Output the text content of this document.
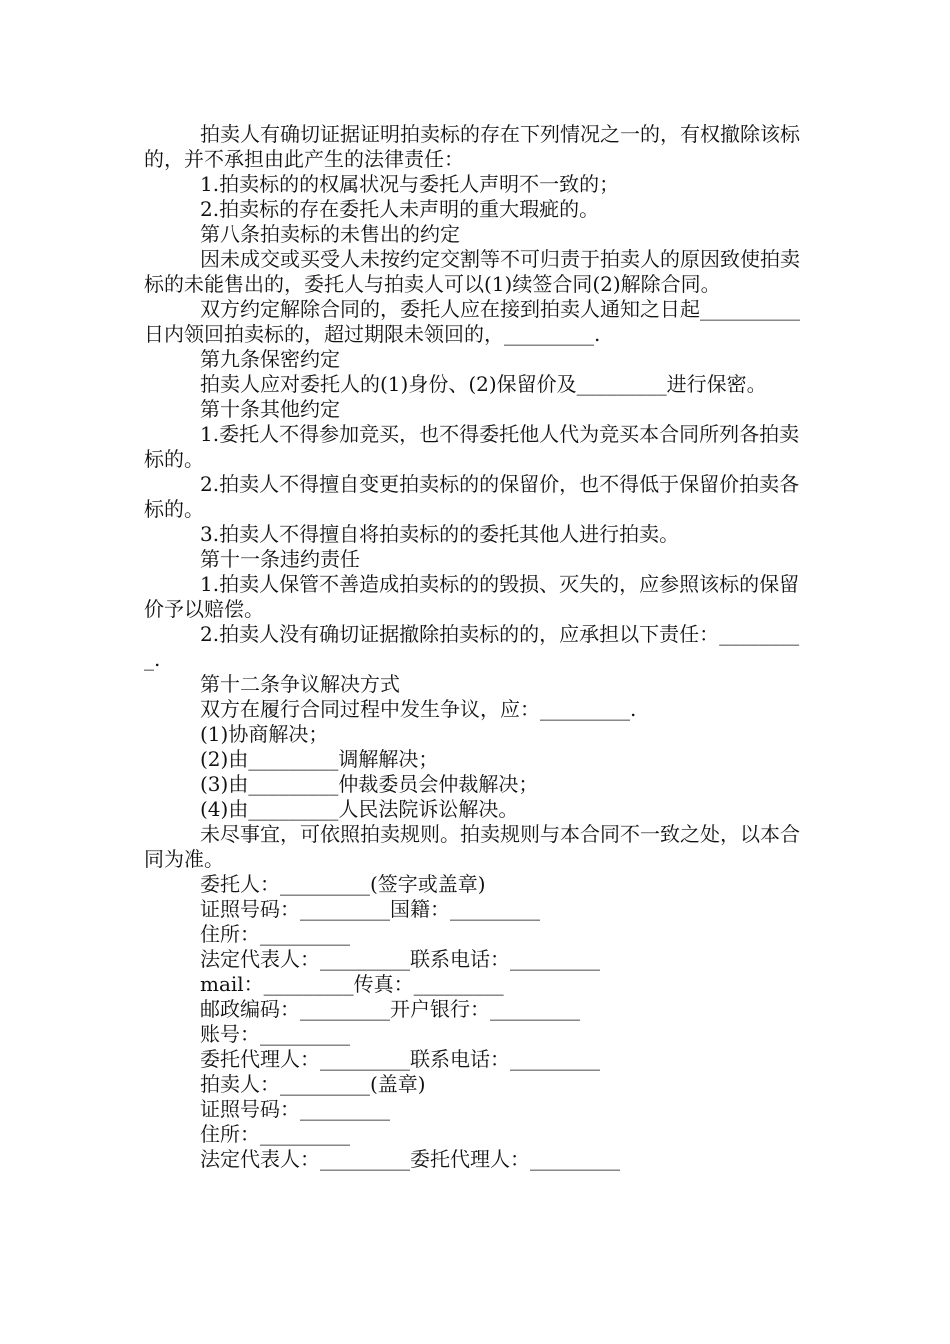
拍卖人有确切证据证明拍卖标的存在下列情况之一的，有权撤除该标的，并不承担由此产生的法律责任：

1.拍卖标的的权属状况与委托人声明不一致的；

2.拍卖标的存在委托人未声明的重大瑕疵的。

第八条拍卖标的未售出的约定

因未成交或买受人未按约定交割等不可归责于拍卖人的原因致使拍卖标的未能售出的，委托人与拍卖人可以(1)续签合同(2)解除合同。

双方约定解除合同的，委托人应在接到拍卖人通知之日起__________日内领回拍卖标的，超过期限未领回的，_________.

第九条保密约定

拍卖人应对委托人的(1)身份、(2)保留价及_________进行保密。

第十条其他约定

1.委托人不得参加竞买，也不得委托他人代为竞买本合同所列各拍卖标的。

2.拍卖人不得擅自变更拍卖标的的保留价，也不得低于保留价拍卖各标的。

3.拍卖人不得擅自将拍卖标的的委托其他人进行拍卖。

第十一条违约责任

1.拍卖人保管不善造成拍卖标的的毁损、灭失的，应参照该标的保留价予以赔偿。

2.拍卖人没有确切证据撤除拍卖标的的，应承担以下责任：_________.

第十二条争议解决方式

双方在履行合同过程中发生争议，应：_________.

(1)协商解决；

(2)由_________调解解决；

(3)由_________仲裁委员会仲裁解决；

(4)由_________人民法院诉讼解决。

未尽事宜，可依照拍卖规则。拍卖规则与本合同不一致之处，以本合同为准。

委托人：_________(签字或盖章)

证照号码：_________国籍：_________

住所：_________

法定代表人：_________联系电话：_________

mail：_________传真：_________

邮政编码：_________开户银行：_________

账号：_________

委托代理人：_________联系电话：_________

拍卖人：_________(盖章)

证照号码：_________

住所：_________

法定代表人：_________委托代理人：_________
